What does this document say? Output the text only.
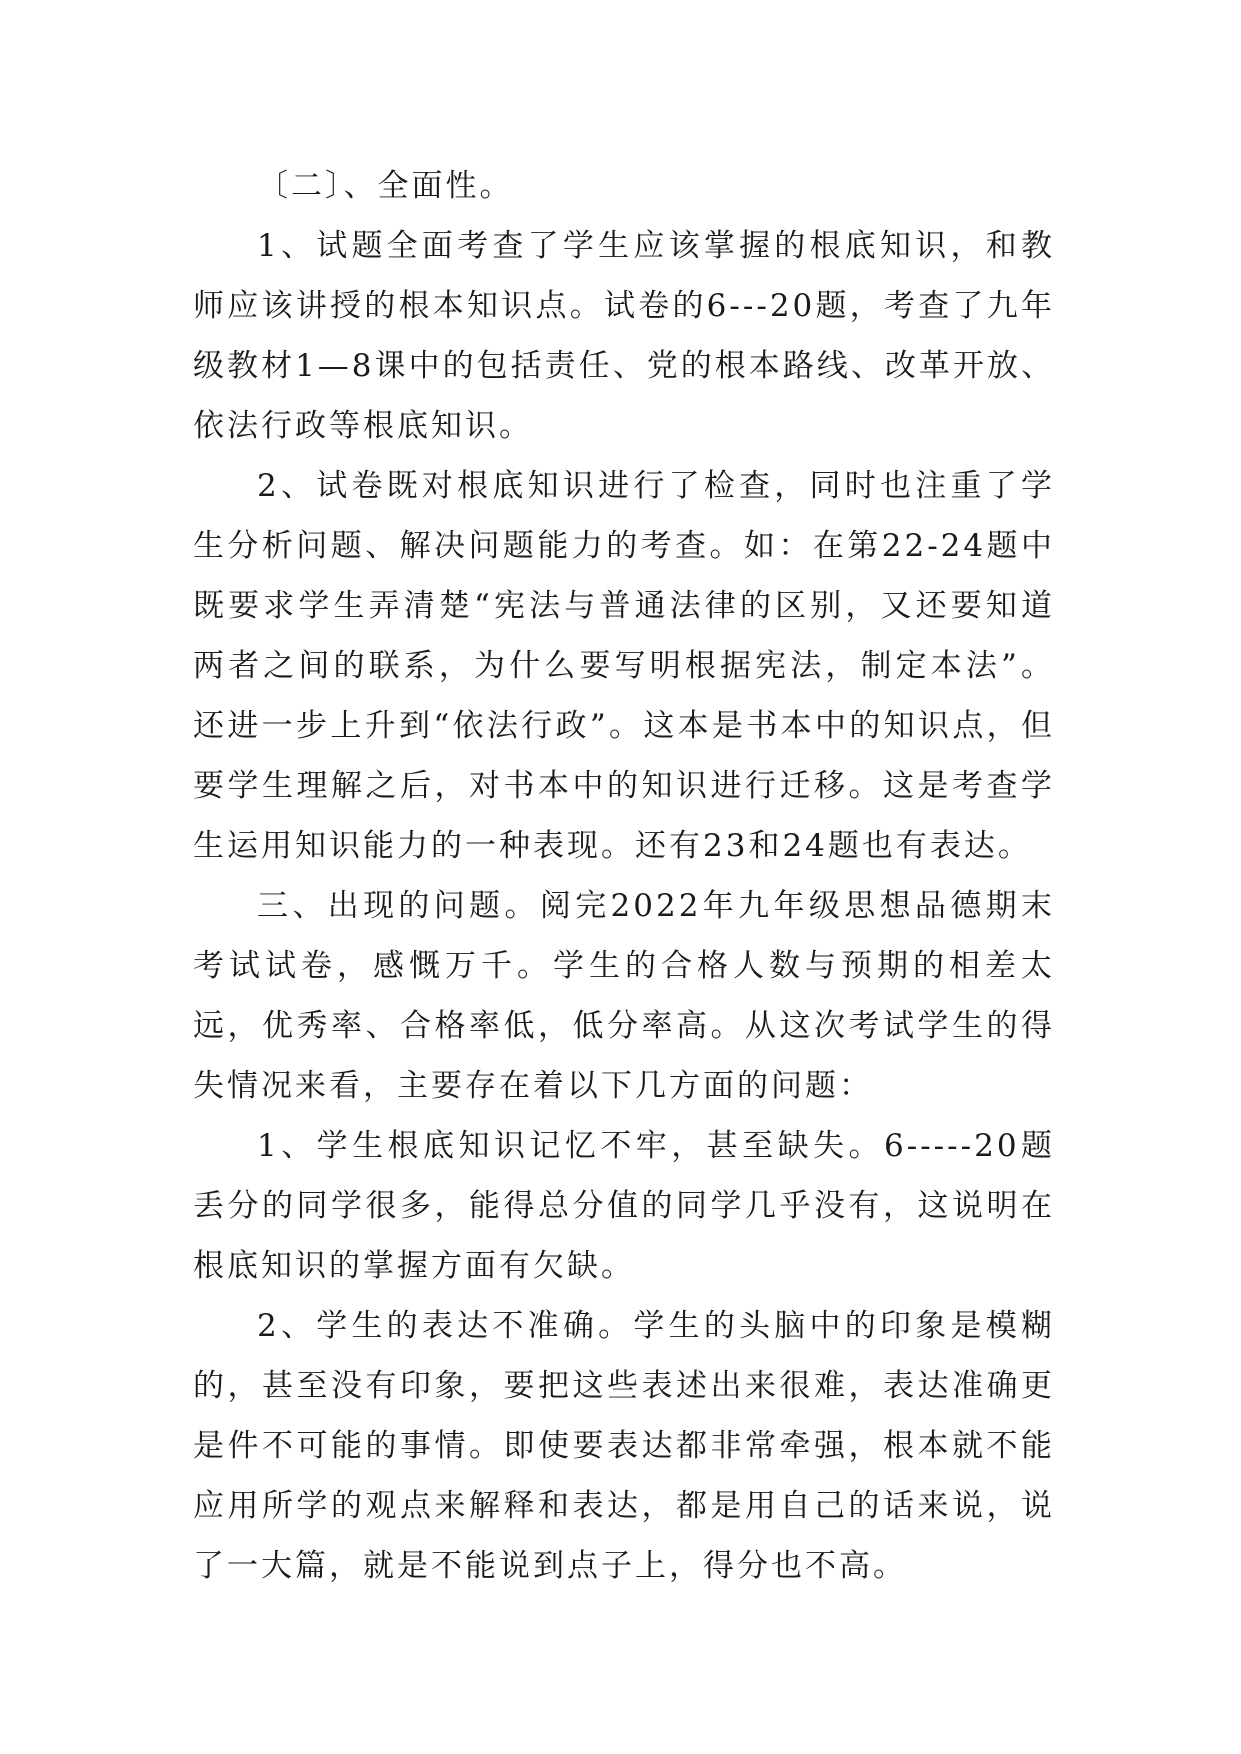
〔二〕、全面性。

1、试题全面考查了学生应该掌握的根底知识，和教师应该讲授的根本知识点。试卷的6---20题，考查了九年级教材1—8课中的包括责任、党的根本路线、改革开放、依法行政等根底知识。

2、试卷既对根底知识进行了检查，同时也注重了学生分析问题、解决问题能力的考查。如：在第22-24题中既要求学生弄清楚“宪法与普通法律的区别，又还要知道两者之间的联系，为什么要写明根据宪法，制定本法”。还进一步上升到“依法行政”。这本是书本中的知识点，但要学生理解之后，对书本中的知识进行迁移。这是考查学生运用知识能力的一种表现。还有23和24题也有表达。

三、出现的问题。阅完2022年九年级思想品德期末考试试卷，感慨万千。学生的合格人数与预期的相差太远，优秀率、合格率低，低分率高。从这次考试学生的得失情况来看，主要存在着以下几方面的问题：

1、学生根底知识记忆不牢，甚至缺失。6-----20题丢分的同学很多，能得总分值的同学几乎没有，这说明在根底知识的掌握方面有欠缺。

2、学生的表达不准确。学生的头脑中的印象是模糊的，甚至没有印象，要把这些表述出来很难，表达准确更是件不可能的事情。即使要表达都非常牵强，根本就不能应用所学的观点来解释和表达，都是用自己的话来说，说了一大篇，就是不能说到点子上，得分也不高。
